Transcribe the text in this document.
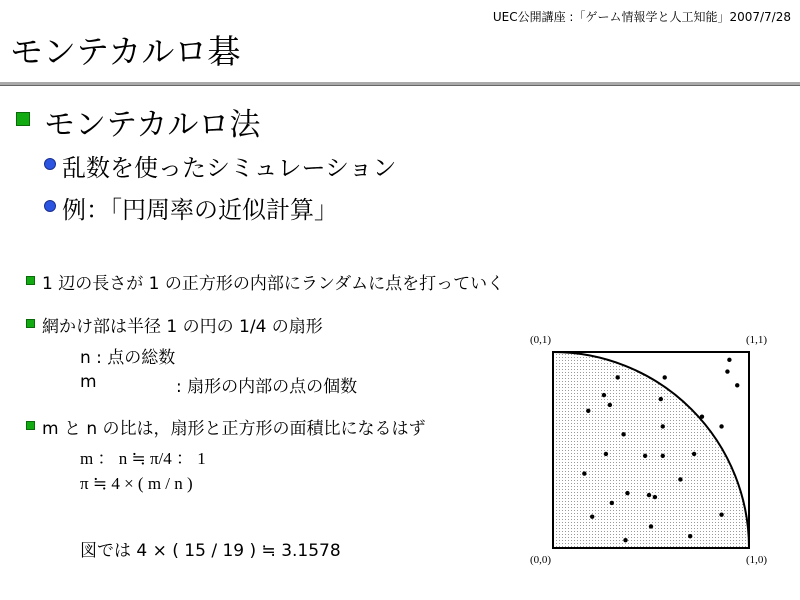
UEC公開講座 :「ゲーム情報学と人工知能」2007/7/28
モンテカルロ碁
モンテカルロ法
乱数を使ったシミュレーション
例：「円周率の近似計算」
1 辺の長さが 1 の正方形の内部にランダムに点を打っていく
網かけ部は半径 1 の円の 1/4 の扇形
n : 点の総数
m	: 扇形の内部の点の個数
m と n の比は，扇形と正方形の面積比になるはず
m ： n ≒ π/4 ： 1
π ≒ 4 × ( m / n )
図では 4 × ( 15 / 19 ) ≒ 3.1578
(0,1)	(1,1)
(0,0)	(1,0)
